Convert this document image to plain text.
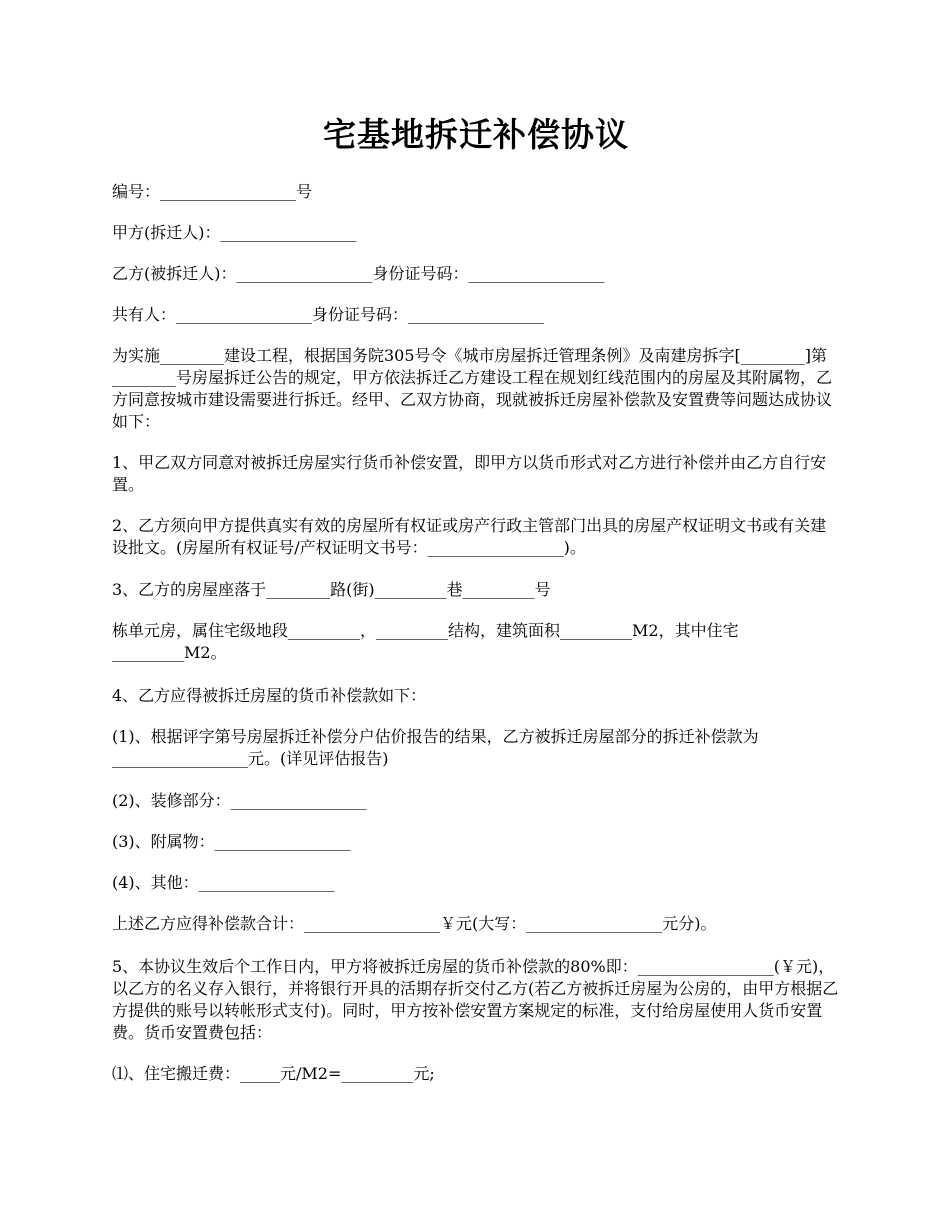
宅基地拆迁补偿协议

编号：_________________号

甲方(拆迁人)：_________________

乙方(被拆迁人)：_________________身份证号码：_________________

共有人：_________________身份证号码：_________________

为实施________建设工程，根据国务院305号令《城市房屋拆迁管理条例》及南建房拆字[________]第________号房屋拆迁公告的规定，甲方依法拆迁乙方建设工程在规划红线范围内的房屋及其附属物，乙方同意按城市建设需要进行拆迁。经甲、乙双方协商，现就被拆迁房屋补偿款及安置费等问题达成协议如下：

1、甲乙双方同意对被拆迁房屋实行货币补偿安置，即甲方以货币形式对乙方进行补偿并由乙方自行安置。

2、乙方须向甲方提供真实有效的房屋所有权证或房产行政主管部门出具的房屋产权证明文书或有关建设批文。(房屋所有权证号/产权证明文书号：_________________)。

3、乙方的房屋座落于________路(街)_________巷_________号

栋单元房，属住宅级地段_________，_________结构，建筑面积_________M2，其中住宅_________M2。

4、乙方应得被拆迁房屋的货币补偿款如下：

(1)、根据评字第号房屋拆迁补偿分户估价报告的结果，乙方被拆迁房屋部分的拆迁补偿款为_________________元。(详见评估报告)

(2)、装修部分：_________________

(3)、附属物：_________________

(4)、其他：_________________

上述乙方应得补偿款合计：_________________￥元(大写：_________________元分)。

5、本协议生效后个工作日内，甲方将被拆迁房屋的货币补偿款的80%即：_________________(￥元)，以乙方的名义存入银行，并将银行开具的活期存折交付乙方(若乙方被拆迁房屋为公房的，由甲方根据乙方提供的账号以转帐形式支付)。同时，甲方按补偿安置方案规定的标准，支付给房屋使用人货币安置费。货币安置费包括：

⑴、住宅搬迁费：_____元/M2=_________元;
